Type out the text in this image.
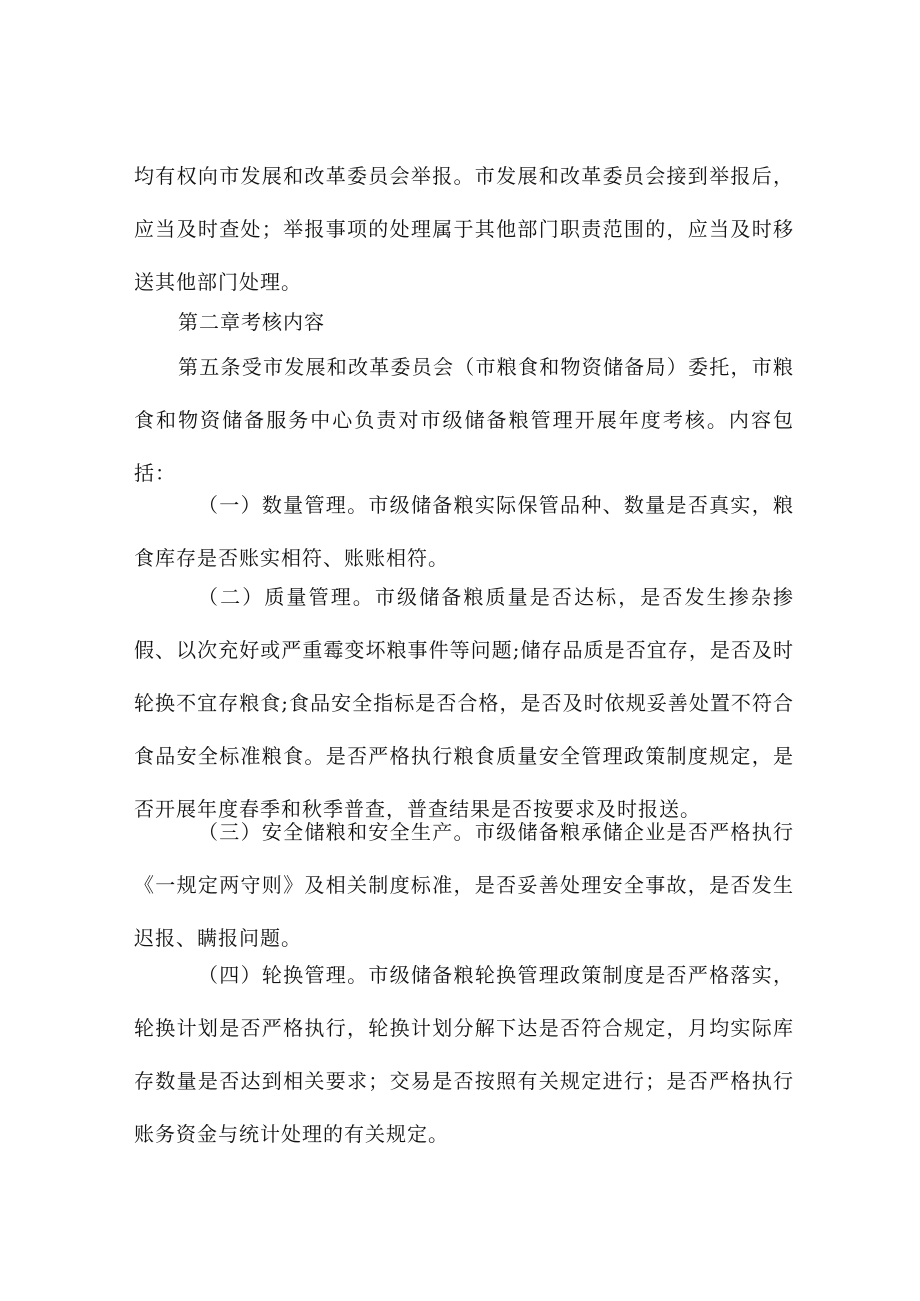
均有权向市发展和改革委员会举报。市发展和改革委员会接到举报后，应当及时查处；举报事项的处理属于其他部门职责范围的，应当及时移送其他部门处理。

第二章考核内容

第五条受市发展和改革委员会（市粮食和物资储备局）委托，市粮食和物资储备服务中心负责对市级储备粮管理开展年度考核。内容包括：

（一）数量管理。市级储备粮实际保管品种、数量是否真实，粮食库存是否账实相符、账账相符。

（二）质量管理。市级储备粮质量是否达标，是否发生掺杂掺假、以次充好或严重霉变坏粮事件等问题;储存品质是否宜存，是否及时轮换不宜存粮食;食品安全指标是否合格，是否及时依规妥善处置不符合食品安全标准粮食。是否严格执行粮食质量安全管理政策制度规定，是否开展年度春季和秋季普查，普查结果是否按要求及时报送。

（三）安全储粮和安全生产。市级储备粮承储企业是否严格执行《一规定两守则》及相关制度标准，是否妥善处理安全事故，是否发生迟报、瞒报问题。

（四）轮换管理。市级储备粮轮换管理政策制度是否严格落实，轮换计划是否严格执行，轮换计划分解下达是否符合规定，月均实际库存数量是否达到相关要求；交易是否按照有关规定进行；是否严格执行账务资金与统计处理的有关规定。
